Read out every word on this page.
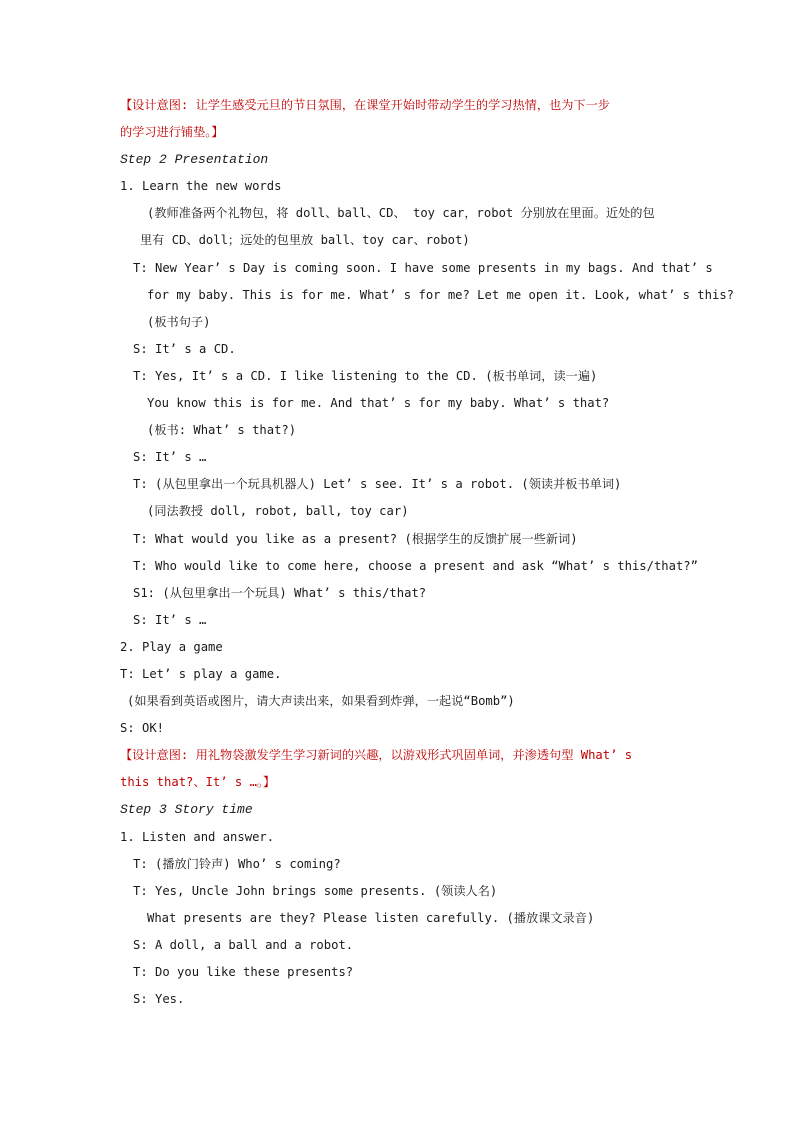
【设计意图: 让学生感受元旦的节日氛围，在课堂开始时带动学生的学习热情，也为下一步
的学习进行铺垫。】
Step 2 Presentation
1. Learn the new words
(教师准备两个礼物包，将 doll、ball、CD、 toy car，robot 分别放在里面。近处的包
里有 CD、doll；远处的包里放 ball、toy car、robot)
T: New Year’ s Day is coming soon. I have some presents in my bags. And that’ s
for my baby. This is for me. What’ s for me? Let me open it. Look, what’ s this?
(板书句子)
S: It’ s a CD.
T: Yes, It’ s a CD. I like listening to the CD. (板书单词，读一遍)
You know this is for me. And that’ s for my baby. What’ s that?
(板书: What’ s that?)
S: It’ s …
T: (从包里拿出一个玩具机器人) Let’ s see. It’ s a robot. (领读并板书单词)
(同法教授 doll, robot, ball, toy car)
T: What would you like as a present? (根据学生的反馈扩展一些新词)
T: Who would like to come here, choose a present and ask “What’ s this/that?”
S1: (从包里拿出一个玩具) What’ s this/that?
S: It’ s …
2. Play a game
T: Let’ s play a game.
(如果看到英语或图片，请大声读出来，如果看到炸弹，一起说“Bomb”)
S: OK!
【设计意图: 用礼物袋激发学生学习新词的兴趣，以游戏形式巩固单词，并渗透句型 What’ s
this that?、It’ s …。】
Step 3 Story time
1. Listen and answer.
T: (播放门铃声) Who’ s coming?
T: Yes, Uncle John brings some presents. (领读人名)
What presents are they? Please listen carefully. (播放课文录音)
S: A doll, a ball and a robot.
T: Do you like these presents?
S: Yes.
